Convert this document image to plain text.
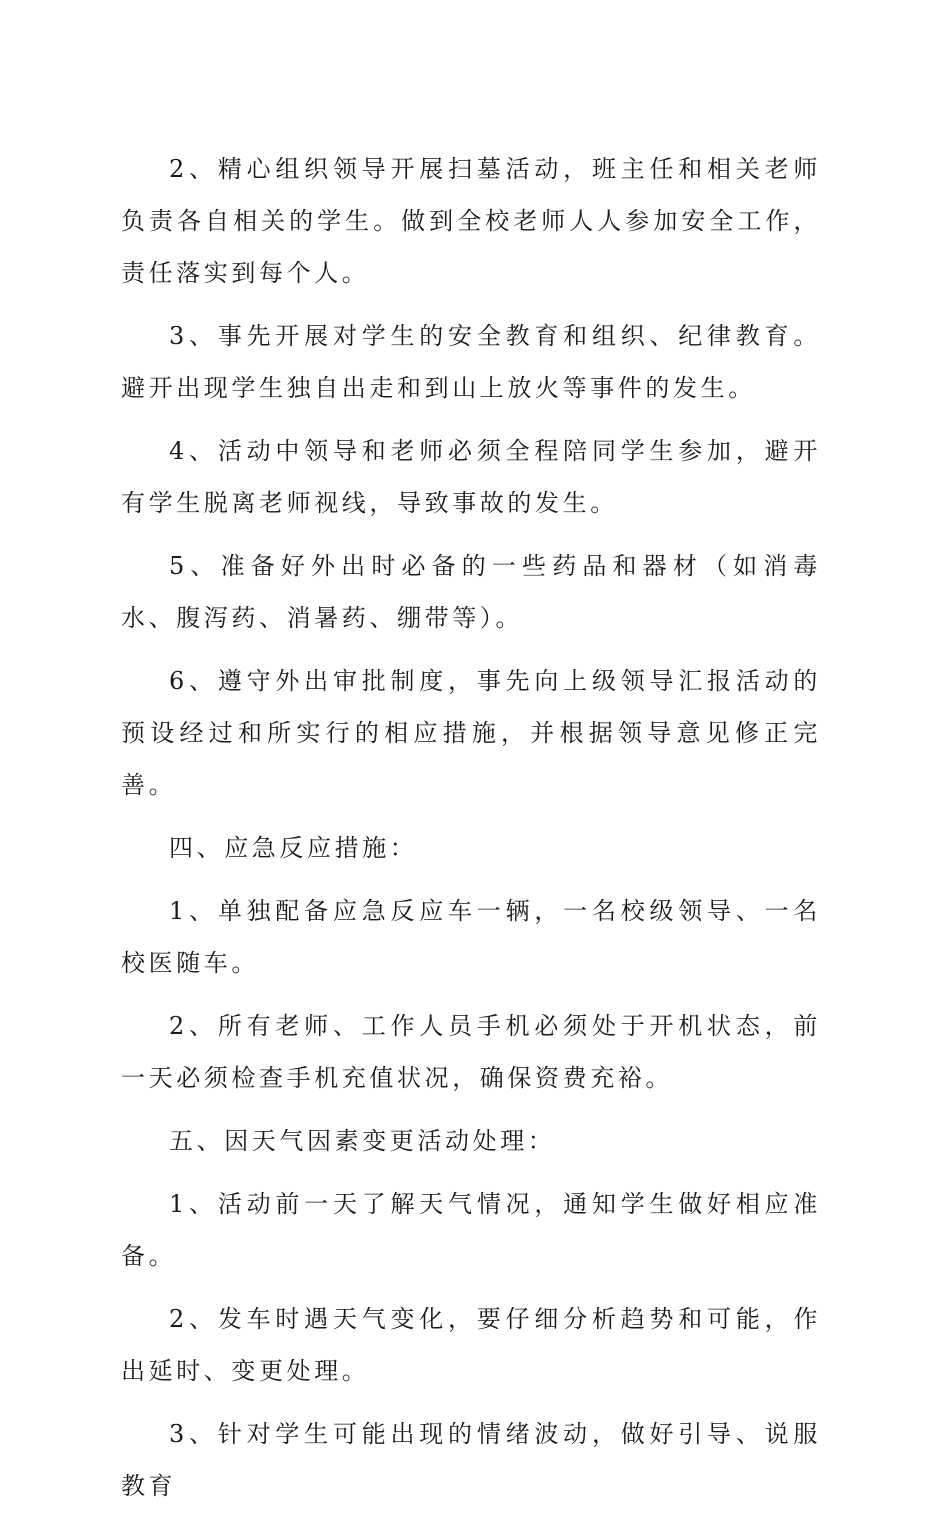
2、精心组织领导开展扫墓活动，班主任和相关老师负责各自相关的学生。做到全校老师人人参加安全工作，责任落实到每个人。

3、事先开展对学生的安全教育和组织、纪律教育。避开出现学生独自出走和到山上放火等事件的发生。

4、活动中领导和老师必须全程陪同学生参加，避开有学生脱离老师视线，导致事故的发生。

5、准备好外出时必备的一些药品和器材（如消毒水、腹泻药、消暑药、绷带等）。

6、遵守外出审批制度，事先向上级领导汇报活动的预设经过和所实行的相应措施，并根据领导意见修正完善。

四、应急反应措施：

1、单独配备应急反应车一辆，一名校级领导、一名校医随车。

2、所有老师、工作人员手机必须处于开机状态，前一天必须检查手机充值状况，确保资费充裕。

五、因天气因素变更活动处理：

1、活动前一天了解天气情况，通知学生做好相应准备。

2、发车时遇天气变化，要仔细分析趋势和可能，作出延时、变更处理。

3、针对学生可能出现的情绪波动，做好引导、说服教育
